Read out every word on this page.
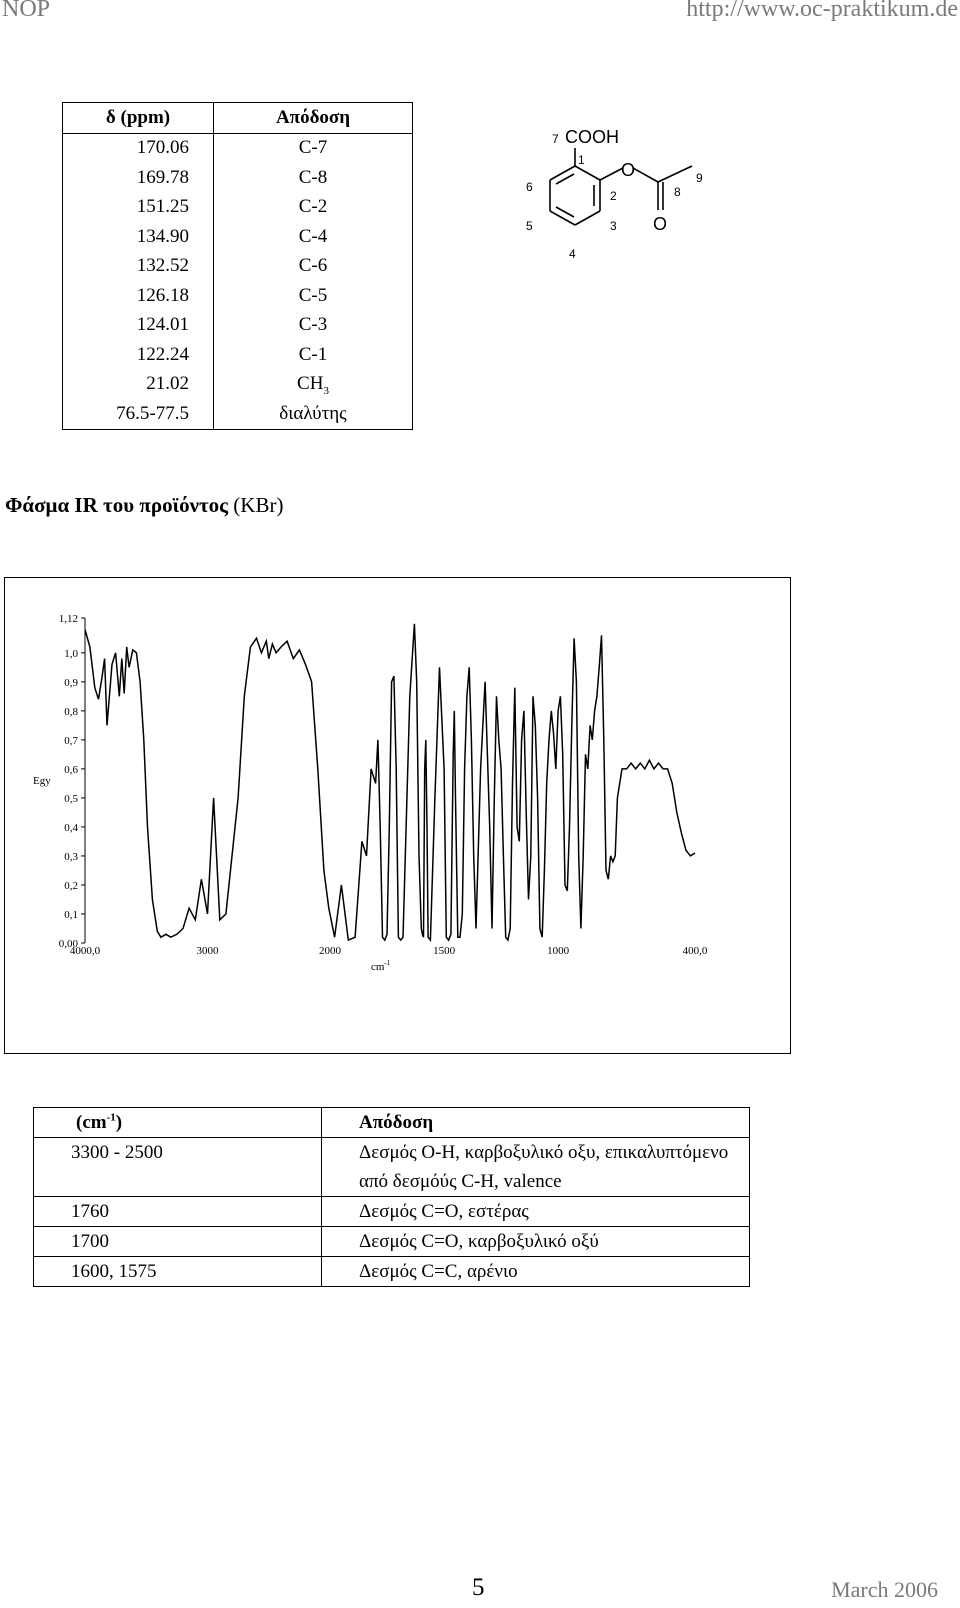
NOP	http://www.oc-praktikum.de
δ (ppm)	Απόδοση
170.06	C-7
169.78	C-8
151.25	C-2
134.90	C-4
132.52	C-6
126.18	C-5
124.01	C-3
122.24	C-1
21.02	$CH_3$
76.5-77.5	διαλύτης
COOH
O
O
1
2
3
4
5
6
7
8
9
Φάσμα IR του προϊόντος (KBr)
1,12
1,0
0,9
0,8
0,7
0,6
0,5
0,4
0,3
0,2
0,1
0,00
4000,0	3000	2000	1500	1000	400,0
Egy
$cm^{-1}$
$(cm^{-1})$	Απόδοση
3300 - 2500	Δεσμός O-H, καρβοξυλικό οξυ, επικαλυπτόμενο
από δεσμόύς C-H, valence

1760	Δεσμός C=O, εστέρας
1700	Δεσμός C=O, καρβοξυλικό οξύ
1600, 1575	Δεσμός C=C, αρένιο
5	March 2006
